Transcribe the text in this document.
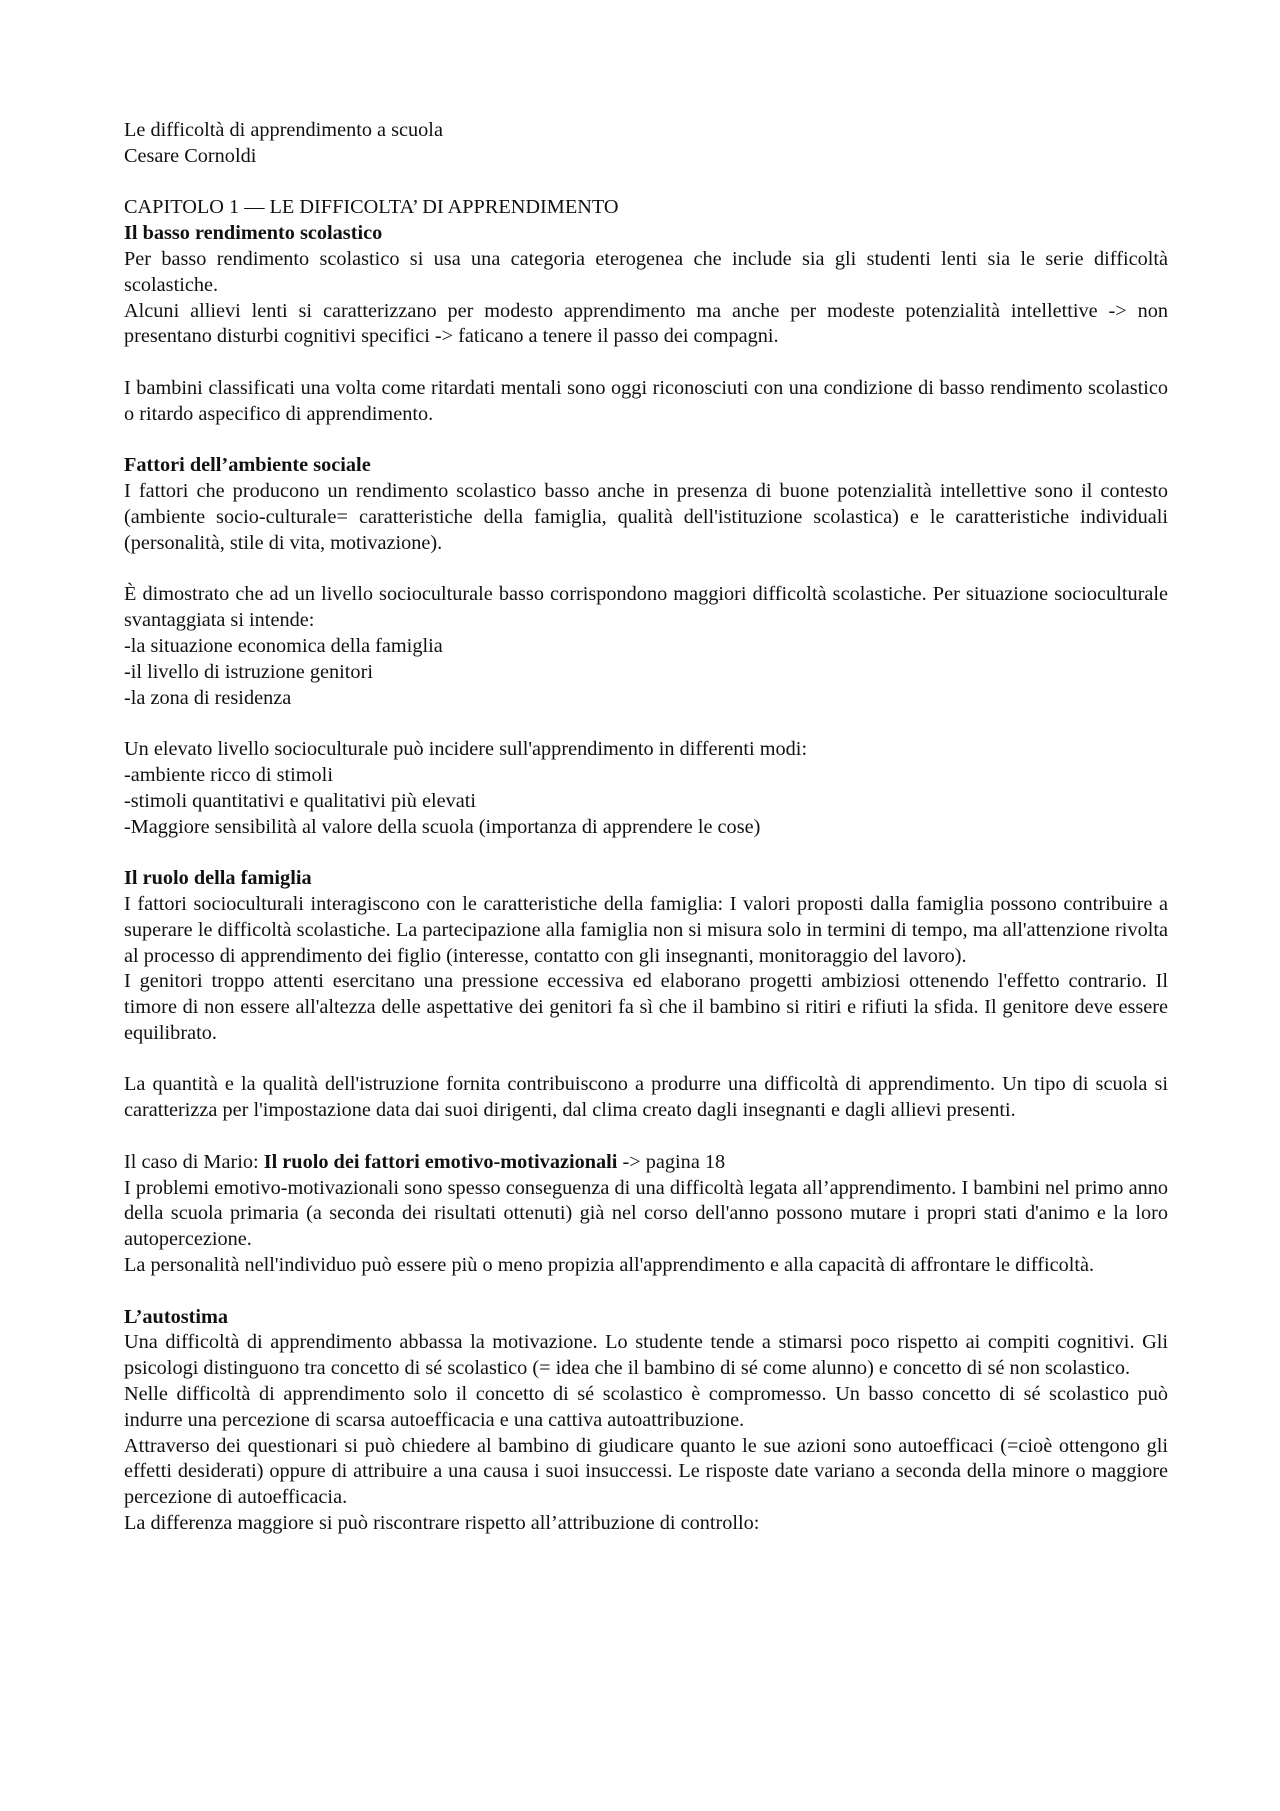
Le difficoltà di apprendimento a scuola
Cesare Cornoldi
CAPITOLO 1 — LE DIFFICOLTA’ DI APPRENDIMENTO
Il basso rendimento scolastico

Per basso rendimento scolastico si usa una categoria eterogenea che include sia gli studenti lenti sia le serie difficoltà scolastiche.

Alcuni allievi lenti si caratterizzano per modesto apprendimento ma anche per modeste potenzialità intellettive -> non presentano disturbi cognitivi specifici -> faticano a tenere il passo dei compagni.

I bambini classificati una volta come ritardati mentali sono oggi riconosciuti con una condizione di basso rendimento scolastico o ritardo aspecifico di apprendimento.

Fattori dell’ambiente sociale

I fattori che producono un rendimento scolastico basso anche in presenza di buone potenzialità intellettive sono il contesto (ambiente socio-culturale= caratteristiche della famiglia, qualità dell'istituzione scolastica) e le caratteristiche individuali (personalità, stile di vita, motivazione).

È dimostrato che ad un livello socioculturale basso corrispondono maggiori difficoltà scolastiche. Per situazione socioculturale svantaggiata si intende:

-la situazione economica della famiglia
-il livello di istruzione genitori
-la zona di residenza

Un elevato livello socioculturale può incidere sull'apprendimento in differenti modi:

-ambiente ricco di stimoli
-stimoli quantitativi e qualitativi più elevati
-Maggiore sensibilità al valore della scuola (importanza di apprendere le cose)
Il ruolo della famiglia

I fattori socioculturali interagiscono con le caratteristiche della famiglia: I valori proposti dalla famiglia possono contribuire a superare le difficoltà scolastiche. La partecipazione alla famiglia non si misura solo in termini di tempo, ma all'attenzione rivolta al processo di apprendimento dei figlio (interesse, contatto con gli insegnanti, monitoraggio del lavoro).

I genitori troppo attenti esercitano una pressione eccessiva ed elaborano progetti ambiziosi ottenendo l'effetto contrario. Il timore di non essere all'altezza delle aspettative dei genitori fa sì che il bambino si ritiri e rifiuti la sfida. Il genitore deve essere equilibrato.

La quantità e la qualità dell'istruzione fornita contribuiscono a produrre una difficoltà di apprendimento. Un tipo di scuola si caratterizza per l'impostazione data dai suoi dirigenti, dal clima creato dagli insegnanti e dagli allievi presenti.

Il caso di Mario: Il ruolo dei fattori emotivo-motivazionali -> pagina 18

I problemi emotivo-motivazionali sono spesso conseguenza di una difficoltà legata all’apprendimento. I bambini nel primo anno della scuola primaria (a seconda dei risultati ottenuti) già nel corso dell'anno possono mutare i propri stati d'animo e la loro autopercezione.

La personalità nell'individuo può essere più o meno propizia all'apprendimento e alla capacità di affrontare le difficoltà.

L’autostima

Una difficoltà di apprendimento abbassa la motivazione. Lo studente tende a stimarsi poco rispetto ai compiti cognitivi. Gli psicologi distinguono tra concetto di sé scolastico (= idea che il bambino di sé come alunno) e concetto di sé non scolastico.

Nelle difficoltà di apprendimento solo il concetto di sé scolastico è compromesso. Un basso concetto di sé scolastico può indurre una percezione di scarsa autoefficacia e una cattiva autoattribuzione.

Attraverso dei questionari si può chiedere al bambino di giudicare quanto le sue azioni sono autoefficaci (=cioè ottengono gli effetti desiderati) oppure di attribuire a una causa i suoi insuccessi. Le risposte date variano a seconda della minore o maggiore percezione di autoefficacia.

La differenza maggiore si può riscontrare rispetto all’attribuzione di controllo:
